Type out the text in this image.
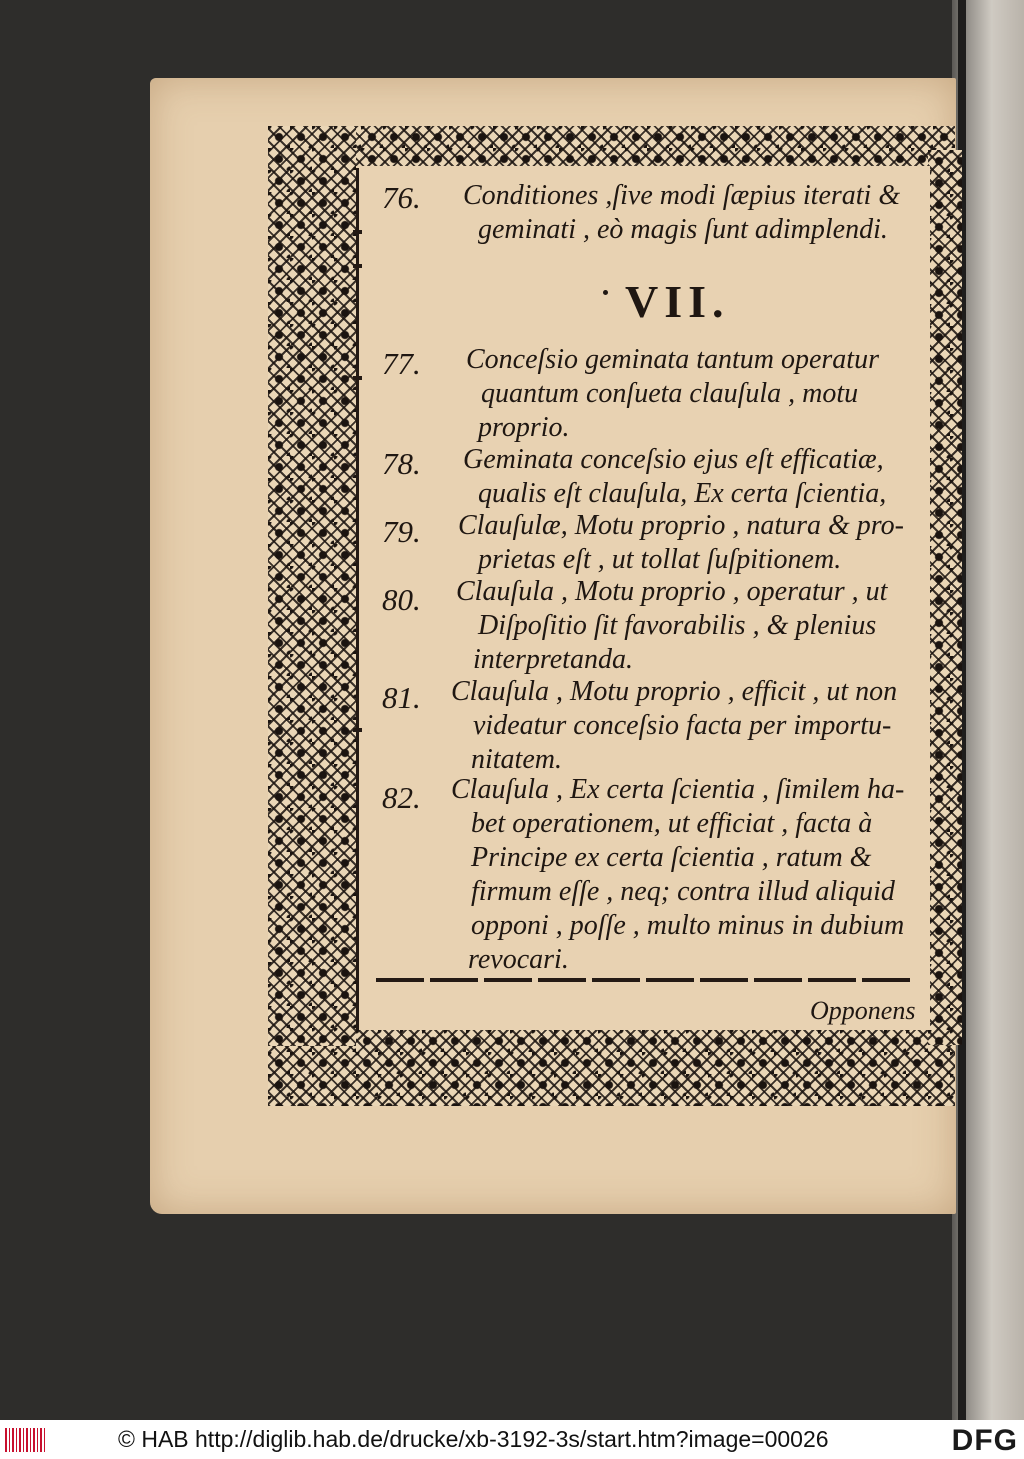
76. Conditiones ,ſive modi ſæpius iterati &
geminati , eò magis ſunt adimplendi.
VII.
77. Conceſsio geminata tantum operatur
quantum conſueta clauſula , motu
proprio.
78. Geminata conceſsio ejus eſt efficatiæ,
qualis eſt clauſula, Ex certa ſcientia,
79. Clauſulæ, Motu proprio , natura & pro-
prietas eſt , ut tollat ſuſpitionem.
80. Clauſula , Motu proprio , operatur , ut
Diſpoſitio ſit favorabilis , & plenius
interpretanda.
81. Clauſula , Motu proprio , efficit , ut non
videatur conceſsio facta per importu-
nitatem.
82. Clauſula , Ex certa ſcientia , ſimilem ha-
bet operationem, ut efficiat , facta à
Principe ex certa ſcientia , ratum &
firmum eſſe , neq; contra illud aliquid
opponi , poſſe , multo minus in dubium
revocari.
Opponens
© HAB http://diglib.hab.de/drucke/xb-3192-3s/start.htm?image=00026	DFG
